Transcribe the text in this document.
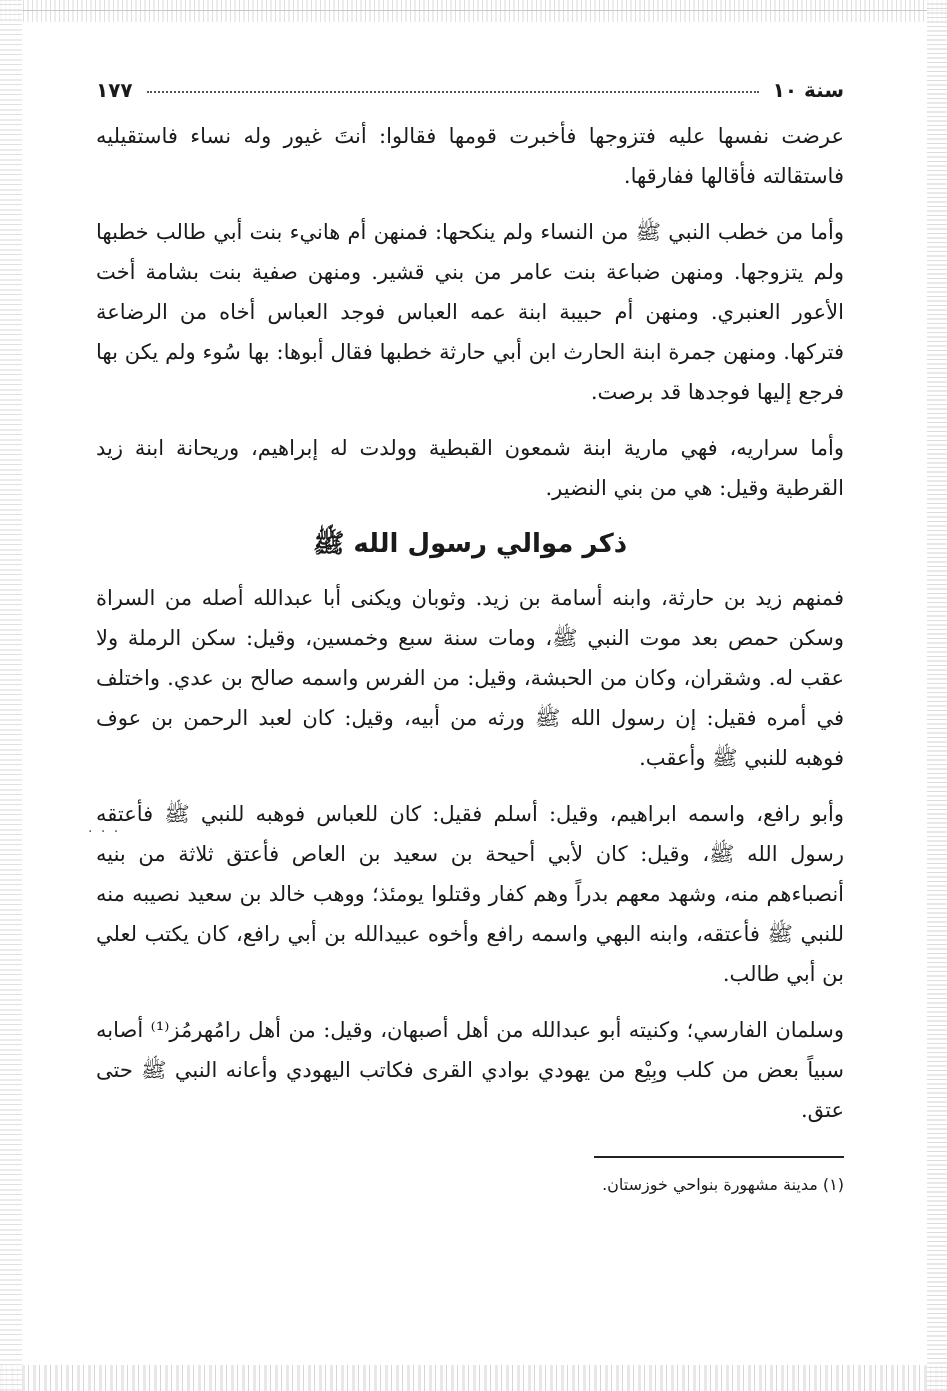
سنة ١٠
١٧٧

عرضت نفسها عليه فتزوجها فأخبرت قومها فقالوا: أنتَ غيور وله نساء فاستقيليه فاستقالته فأقالها ففارقها.

وأما من خطب النبي ﷺ من النساء ولم ينكحها: فمنهن أم هانيء بنت أبي طالب خطبها ولم يتزوجها. ومنهن ضباعة بنت عامر من بني قشير. ومنهن صفية بنت بشامة أخت الأعور العنبري. ومنهن أم حبيبة ابنة عمه العباس فوجد العباس أخاه من الرضاعة فتركها. ومنهن جمرة ابنة الحارث ابن أبي حارثة خطبها فقال أبوها: بها سُوء ولم يكن بها فرجع إليها فوجدها قد برصت.

وأما سراريه، فهي مارية ابنة شمعون القبطية وولدت له إبراهيم، وريحانة ابنة زيد القرطية وقيل: هي من بني النضير.

ذكر موالي رسول الله ﷺ

فمنهم زيد بن حارثة، وابنه أسامة بن زيد. وثوبان ويكنى أبا عبدالله أصله من السراة وسكن حمص بعد موت النبي ﷺ، ومات سنة سبع وخمسين، وقيل: سكن الرملة ولا عقب له. وشقران، وكان من الحبشة، وقيل: من الفرس واسمه صالح بن عدي. واختلف في أمره فقيل: إن رسول الله ﷺ ورثه من أبيه، وقيل: كان لعبد الرحمن بن عوف فوهبه للنبي ﷺ وأعقب.

وأبو رافع، واسمه ابراهيم، وقيل: أسلم فقيل: كان للعباس فوهبه للنبي ﷺ فأعتقه رسول الله ﷺ، وقيل: كان لأبي أحيحة بن سعيد بن العاص فأعتق ثلاثة من بنيه أنصباءهم منه، وشهد معهم بدراً وهم كفار وقتلوا يومئذ؛ ووهب خالد بن سعيد نصيبه منه للنبي ﷺ فأعتقه، وابنه البهي واسمه رافع وأخوه عبيدالله بن أبي رافع، كان يكتب لعلي بن أبي طالب.

وسلمان الفارسي؛ وكنيته أبو عبدالله من أهل أصبهان، وقيل: من أهل رامُهرمُز⁽¹⁾ أصابه سبياً بعض من كلب وبِيْع من يهودي بوادي القرى فكاتب اليهودي وأعانه النبي ﷺ حتى عتق.

(١) مدينة مشهورة بنواحي خوزستان.
. . .
